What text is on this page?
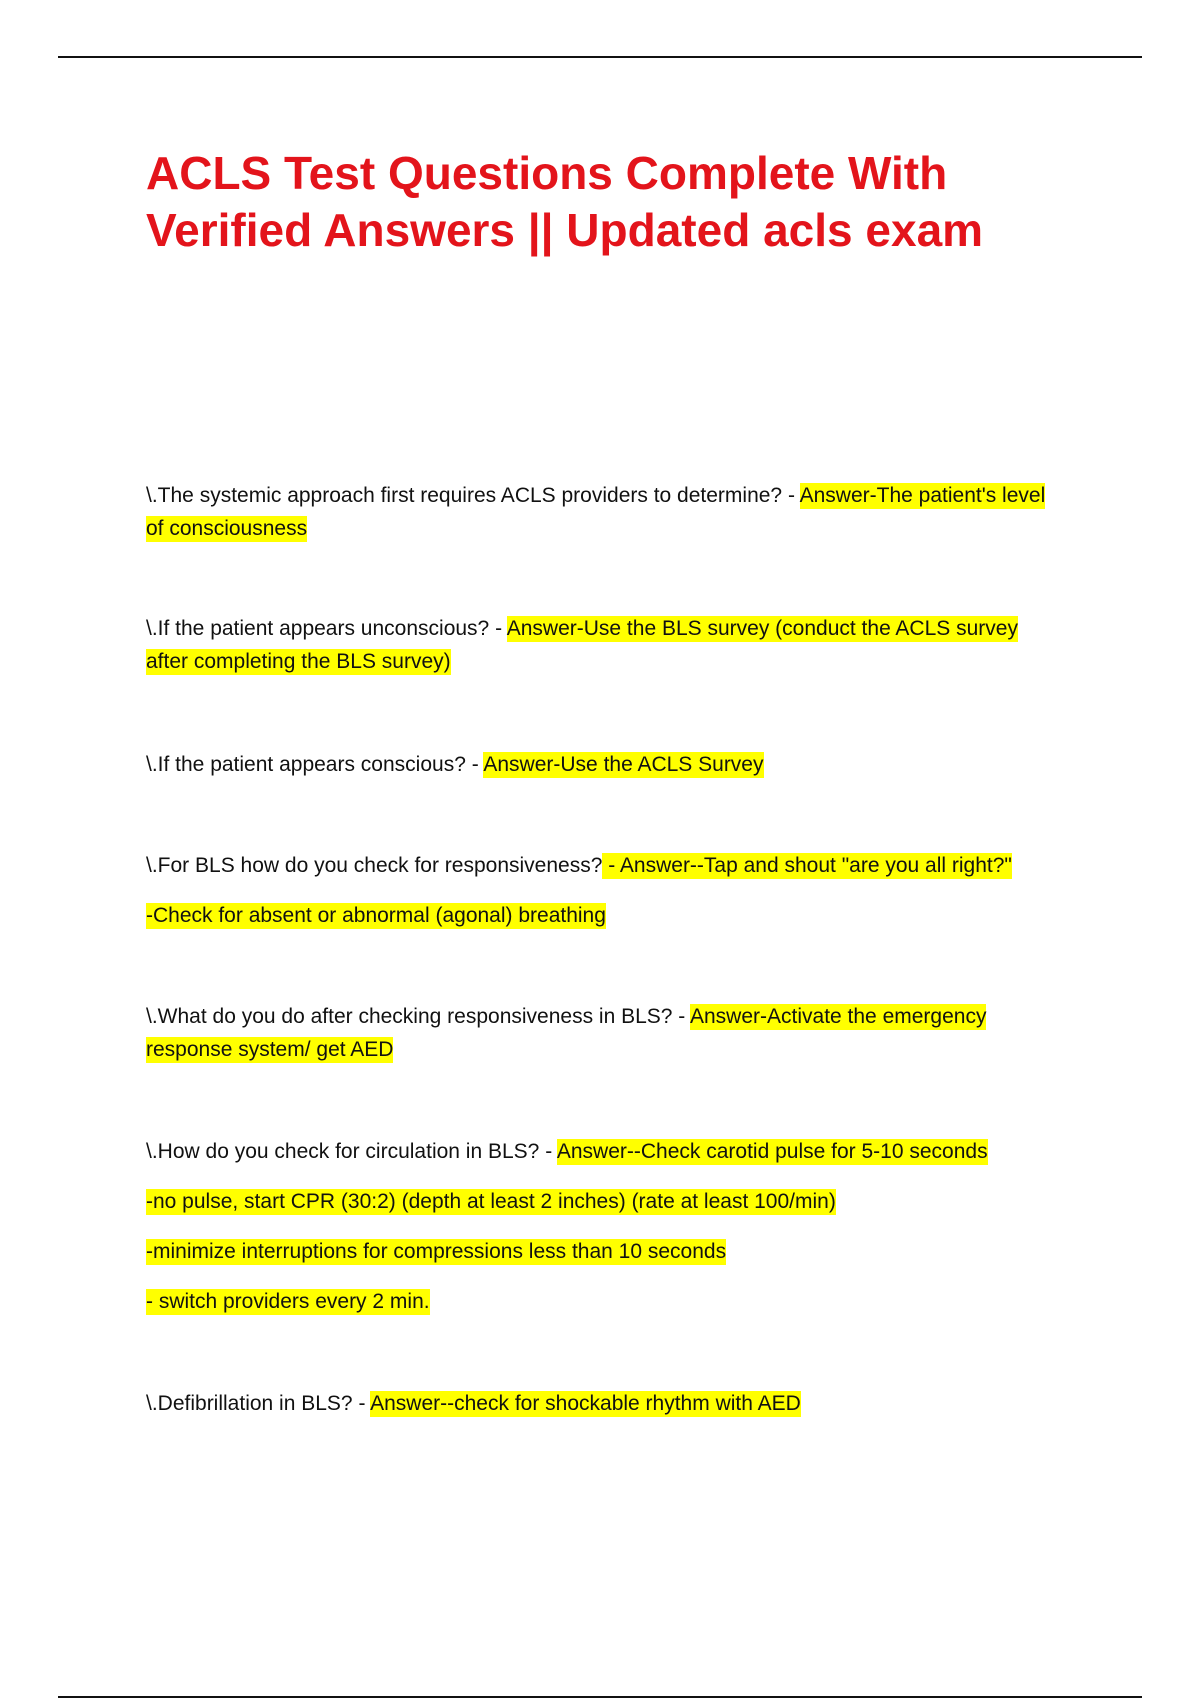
ACLS Test Questions Complete With
Verified Answers || Updated acls exam
\.The systemic approach first requires ACLS providers to determine? - Answer-The patient's level
of consciousness
\.If the patient appears unconscious? - Answer-Use the BLS survey (conduct the ACLS survey
after completing the BLS survey)
\.If the patient appears conscious? - Answer-Use the ACLS Survey
\.For BLS how do you check for responsiveness? - Answer--Tap and shout "are you all right?"
-Check for absent or abnormal (agonal) breathing
\.What do you do after checking responsiveness in BLS? - Answer-Activate the emergency
response system/ get AED
\.How do you check for circulation in BLS? - Answer--Check carotid pulse for 5-10 seconds
-no pulse, start CPR (30:2) (depth at least 2 inches) (rate at least 100/min)
-minimize interruptions for compressions less than 10 seconds
- switch providers every 2 min.
\.Defibrillation in BLS? - Answer--check for shockable rhythm with AED
